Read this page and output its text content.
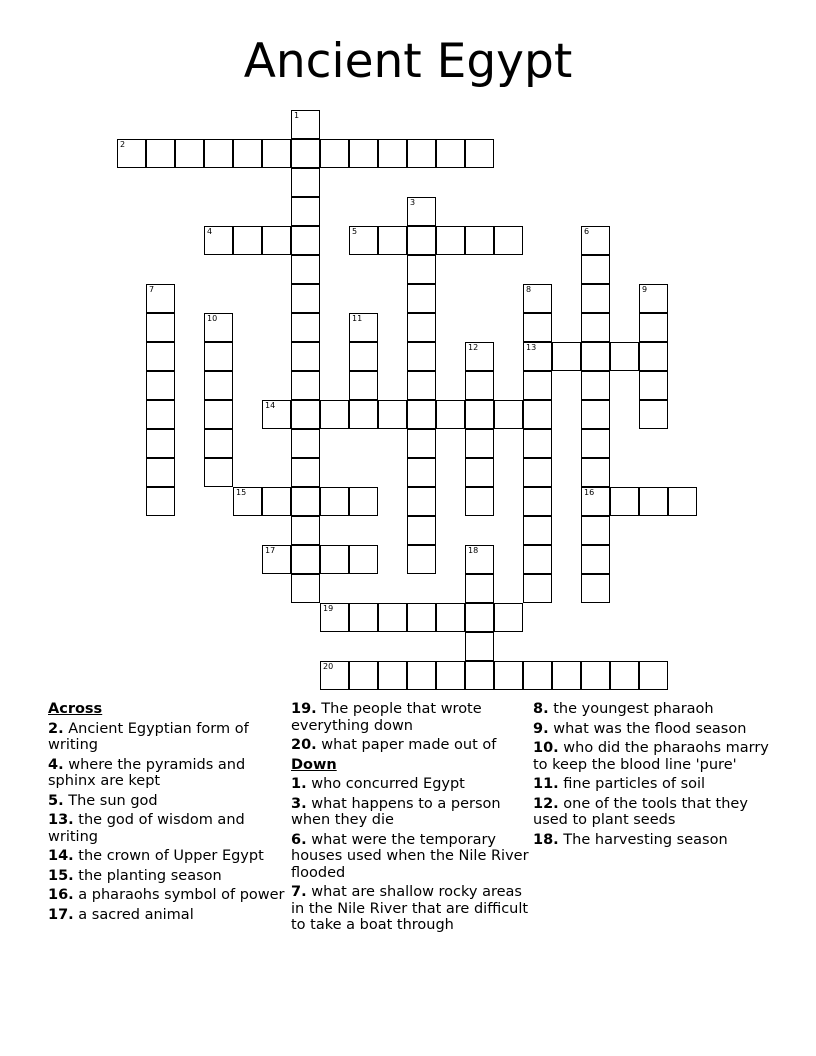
Ancient Egypt
1
2
3
4	5	6
7	8	9
10	11
12	13
14
15	16
17	18
19
20
Across
2. Ancient Egyptian form of writing
4. where the pyramids and sphinx are kept
5. The sun god
13. the god of wisdom and writing
14. the crown of Upper Egypt
15. the planting season
16. a pharaohs symbol of power
17. a sacred animal
19. The people that wrote everything down
20. what paper made out of
Down
1. who concurred Egypt
3. what happens to a person when they die
6. what were the temporary houses used when the Nile River flooded
7. what are shallow rocky areas in the Nile River that are difficult to take a boat through
8. the youngest pharaoh
9. what was the flood season
10. who did the pharaohs marry to keep the blood line 'pure'
11. fine particles of soil
12. one of the tools that they used to plant seeds
18. The harvesting season
